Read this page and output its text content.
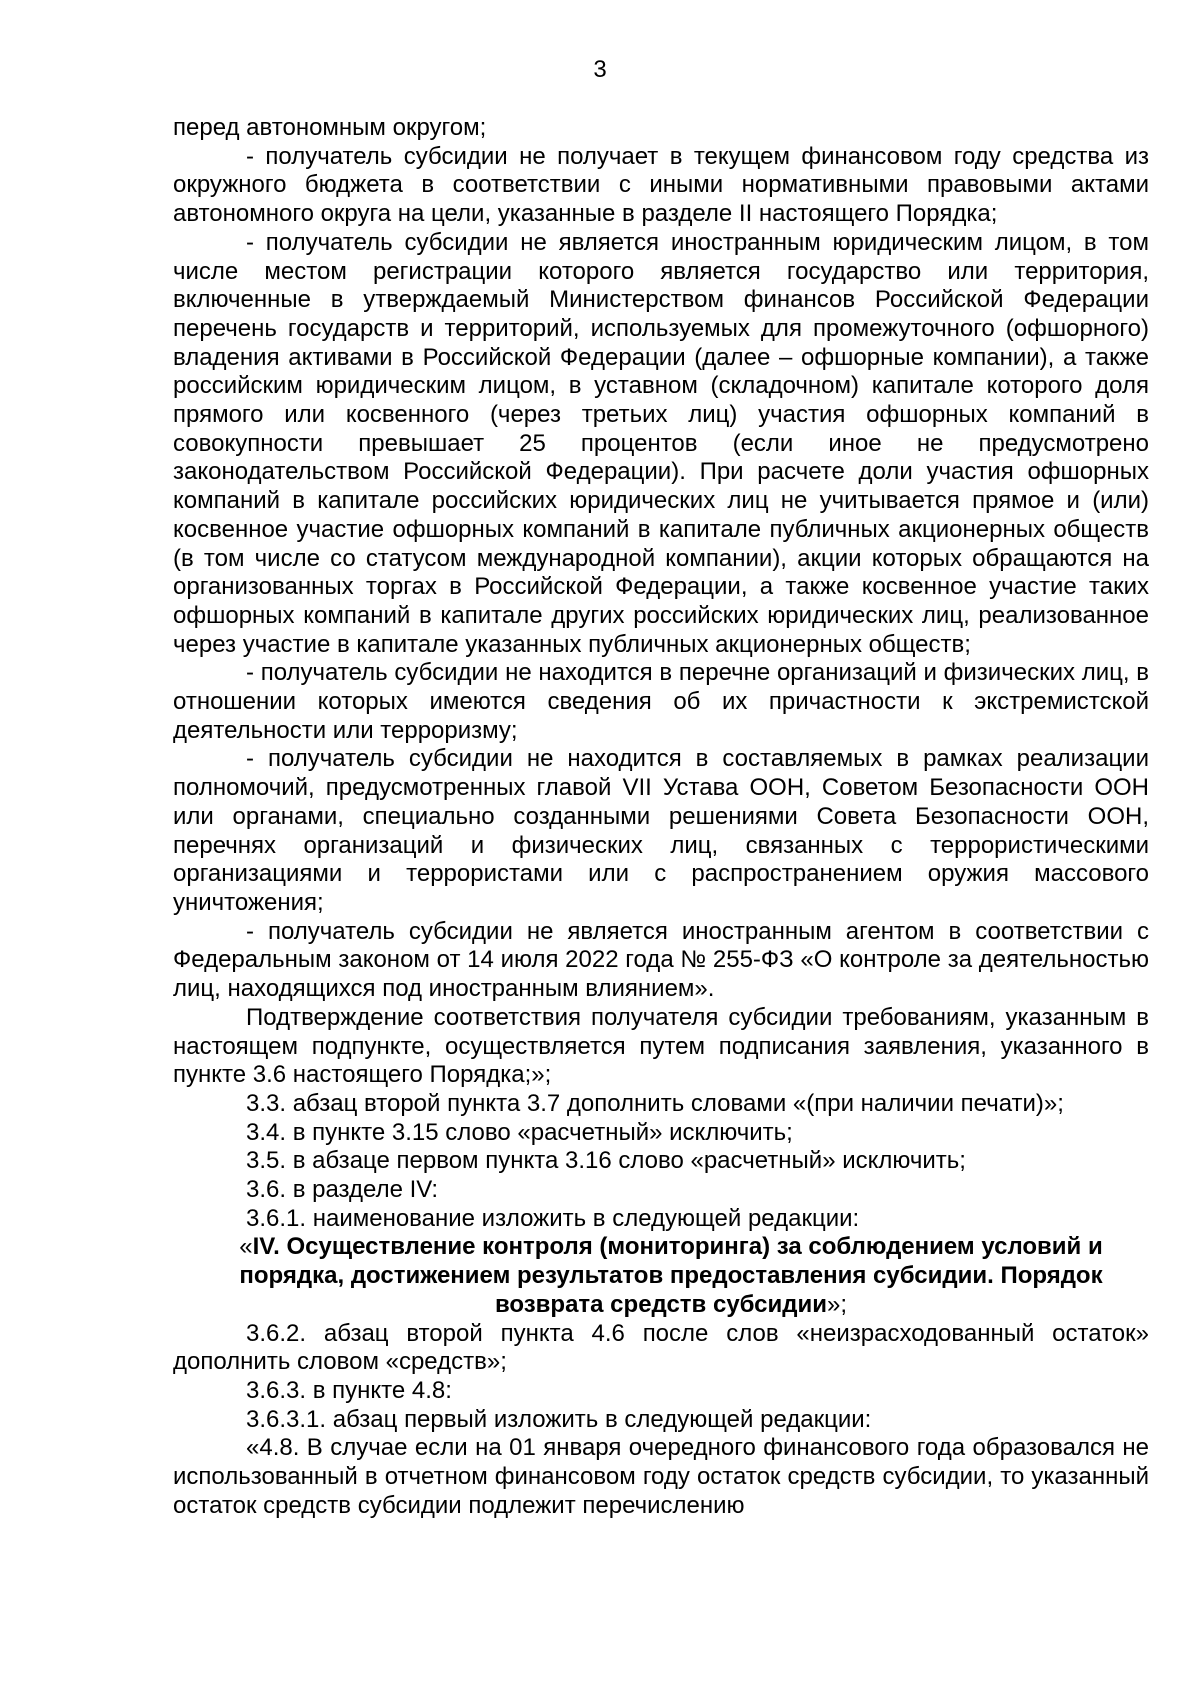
3

перед автономным округом;

- получатель субсидии не получает в текущем финансовом году средства из окружного бюджета в соответствии с иными нормативными правовыми актами автономного округа на цели, указанные в разделе II настоящего Порядка;

- получатель субсидии не является иностранным юридическим лицом, в том числе местом регистрации которого является государство или территория, включенные в утверждаемый Министерством финансов Российской Федерации перечень государств и территорий, используемых для промежуточного (офшорного) владения активами в Российской Федерации (далее – офшорные компании), а также российским юридическим лицом, в уставном (складочном) капитале которого доля прямого или косвенного (через третьих лиц) участия офшорных компаний в совокупности превышает 25 процентов (если иное не предусмотрено законодательством Российской Федерации). При расчете доли участия офшорных компаний в капитале российских юридических лиц не учитывается прямое и (или) косвенное участие офшорных компаний в капитале публичных акционерных обществ (в том числе со статусом международной компании), акции которых обращаются на организованных торгах в Российской Федерации, а также косвенное участие таких офшорных компаний в капитале других российских юридических лиц, реализованное через участие в капитале указанных публичных акционерных обществ;

- получатель субсидии не находится в перечне организаций и физических лиц, в отношении которых имеются сведения об их причастности к экстремистской деятельности или терроризму;

- получатель субсидии не находится в составляемых в рамках реализации полномочий, предусмотренных главой VII Устава ООН, Советом Безопасности ООН или органами, специально созданными решениями Совета Безопасности ООН, перечнях организаций и физических лиц, связанных с террористическими организациями и террористами или с распространением оружия массового уничтожения;

- получатель субсидии не является иностранным агентом в соответствии с Федеральным законом от 14 июля 2022 года № 255-ФЗ «О контроле за деятельностью лиц, находящихся под иностранным влиянием».

Подтверждение соответствия получателя субсидии требованиям, указанным в настоящем подпункте, осуществляется путем подписания заявления, указанного в пункте 3.6 настоящего Порядка;»;

3.3. абзац второй пункта 3.7 дополнить словами «(при наличии печати)»;

3.4. в пункте 3.15 слово «расчетный» исключить;

3.5. в абзаце первом пункта 3.16 слово «расчетный» исключить;

3.6. в разделе IV:

3.6.1. наименование изложить в следующей редакции:

«IV. Осуществление контроля (мониторинга) за соблюдением условий и порядка, достижением результатов предоставления субсидии. Порядок возврата средств субсидии»;

3.6.2. абзац второй пункта 4.6 после слов «неизрасходованный остаток» дополнить словом «средств»;

3.6.3. в пункте 4.8:

3.6.3.1. абзац первый изложить в следующей редакции:

«4.8. В случае если на 01 января очередного финансового года образовался не использованный в отчетном финансовом году остаток средств субсидии, то указанный остаток средств субсидии подлежит перечислению
